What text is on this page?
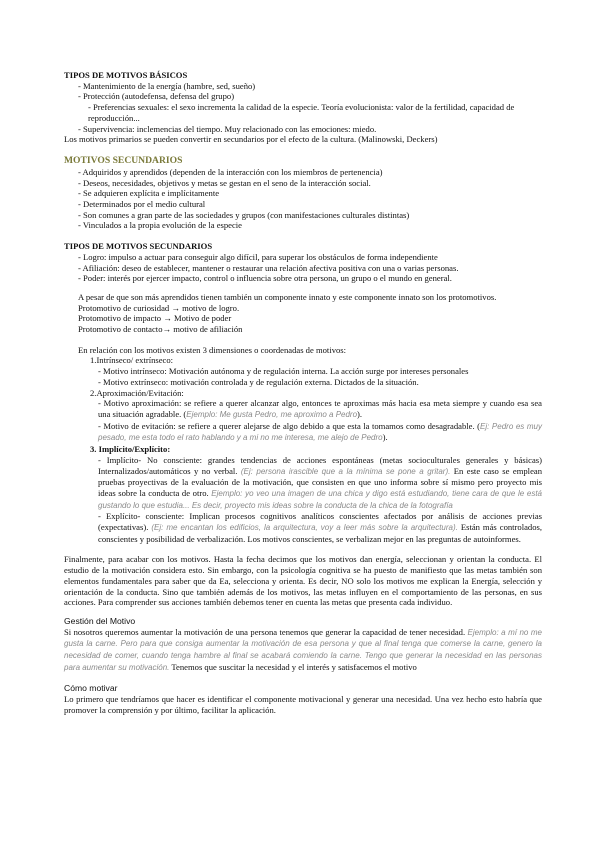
TIPOS DE MOTIVOS BÁSICOS
- Mantenimiento de la energía (hambre, sed, sueño)
- Protección (autodefensa, defensa del grupo)
- Preferencias sexuales: el sexo incrementa la calidad de la especie. Teoría evolucionista: valor de la fertilidad, capacidad de reproducción...
- Supervivencia: inclemencias del tiempo. Muy relacionado con las emociones: miedo.
Los motivos primarios se pueden convertir en secundarios por el efecto de la cultura. (Malinowski, Deckers)
MOTIVOS SECUNDARIOS
- Adquiridos y aprendidos (dependen de la interacción con los miembros de pertenencia)
- Deseos, necesidades, objetivos y metas se gestan en el seno de la interacción social.
- Se adquieren explícita e implícitamente
- Determinados por el medio cultural
- Son comunes a gran parte de las sociedades y grupos (con manifestaciones culturales distintas)
- Vinculados a la propia evolución de la especie
TIPOS DE MOTIVOS SECUNDARIOS
- Logro: impulso a actuar para conseguir algo difícil, para superar los obstáculos de forma independiente
- Afiliación: deseo de establecer, mantener o restaurar una relación afectiva positiva con una o varias personas.
- Poder: interés por ejercer impacto, control o influencia sobre otra persona, un grupo o el mundo en general.

A pesar de que son más aprendidos tienen también un componente innato y este componente innato son los protomotivos.

Protomotivo de curiosidad → motivo de logro.
Protomotivo de impacto → Motivo de poder
Protomotivo de contacto→ motivo de afiliación
En relación con los motivos existen 3 dimensiones o coordenadas de motivos:
1.Intrínseco/ extrínseco:
- Motivo intrínseco: Motivación autónoma y de regulación interna. La acción surge por intereses personales
- Motivo extrínseco: motivación controlada y de regulación externa. Dictados de la situación.
2.Aproximación/Evitación:

- Motivo aproximación: se refiere a querer alcanzar algo, entonces te aproximas más hacia esa meta siempre y cuando esa sea una situación agradable. (Ejemplo: Me gusta Pedro, me aproximo a Pedro).

- Motivo de evitación: se refiere a querer alejarse de algo debido a que esta la tomamos como desagradable. (Ej: Pedro es muy pesado, me esta todo el rato hablando y a mi no me interesa, me alejo de Pedro).

3. Implícito/Explícito:

- Implícito- No consciente: grandes tendencias de acciones espontáneas (metas socioculturales generales y básicas) Internalizados/automáticos y no verbal. (Ej: persona irascible que a la mínima se pone a gritar). En este caso se emplean pruebas proyectivas de la evaluación de la motivación, que consisten en que uno informa sobre sí mismo pero proyecto mis ideas sobre la conducta de otro. Ejemplo: yo veo una imagen de una chica y digo está estudiando, tiene cara de que le está gustando lo que estudia... Es decir, proyecto mis ideas sobre la conducta de la chica de la fotografía

- Explícito- consciente: Implican procesos cognitivos analíticos conscientes afectados por análisis de acciones previas (expectativas). (Ej: me encantan los edificios, la arquitectura, voy a leer más sobre la arquitectura). Están más controlados, conscientes y posibilidad de verbalización. Los motivos conscientes, se verbalizan mejor en las preguntas de autoinformes.

Finalmente, para acabar con los motivos. Hasta la fecha decimos que los motivos dan energía, seleccionan y orientan la conducta. El estudio de la motivación considera esto. Sin embargo, con la psicología cognitiva se ha puesto de manifiesto que las metas también son elementos fundamentales para saber que da Ea, selecciona y orienta. Es decir, NO solo los motivos me explican la Energía, selección y orientación de la conducta. Sino que también además de los motivos, las metas influyen en el comportamiento de las personas, en sus acciones. Para comprender sus acciones también debemos tener en cuenta las metas que presenta cada individuo.

Gestión del Motivo

Si nosotros queremos aumentar la motivación de una persona tenemos que generar la capacidad de tener necesidad. Ejemplo: a mí no me gusta la carne. Pero para que consiga aumentar la motivación de esa persona y que al final tenga que comerse la carne, genero la necesidad de comer, cuando tenga hambre al final se acabará comiendo la carne. Tengo que generar la necesidad en las personas para aumentar su motivación. Tenemos que suscitar la necesidad y el interés y satisfacemos el motivo

Cómo motivar

Lo primero que tendríamos que hacer es identificar el componente motivacional y generar una necesidad. Una vez hecho esto habría que promover la comprensión y por último, facilitar la aplicación.
